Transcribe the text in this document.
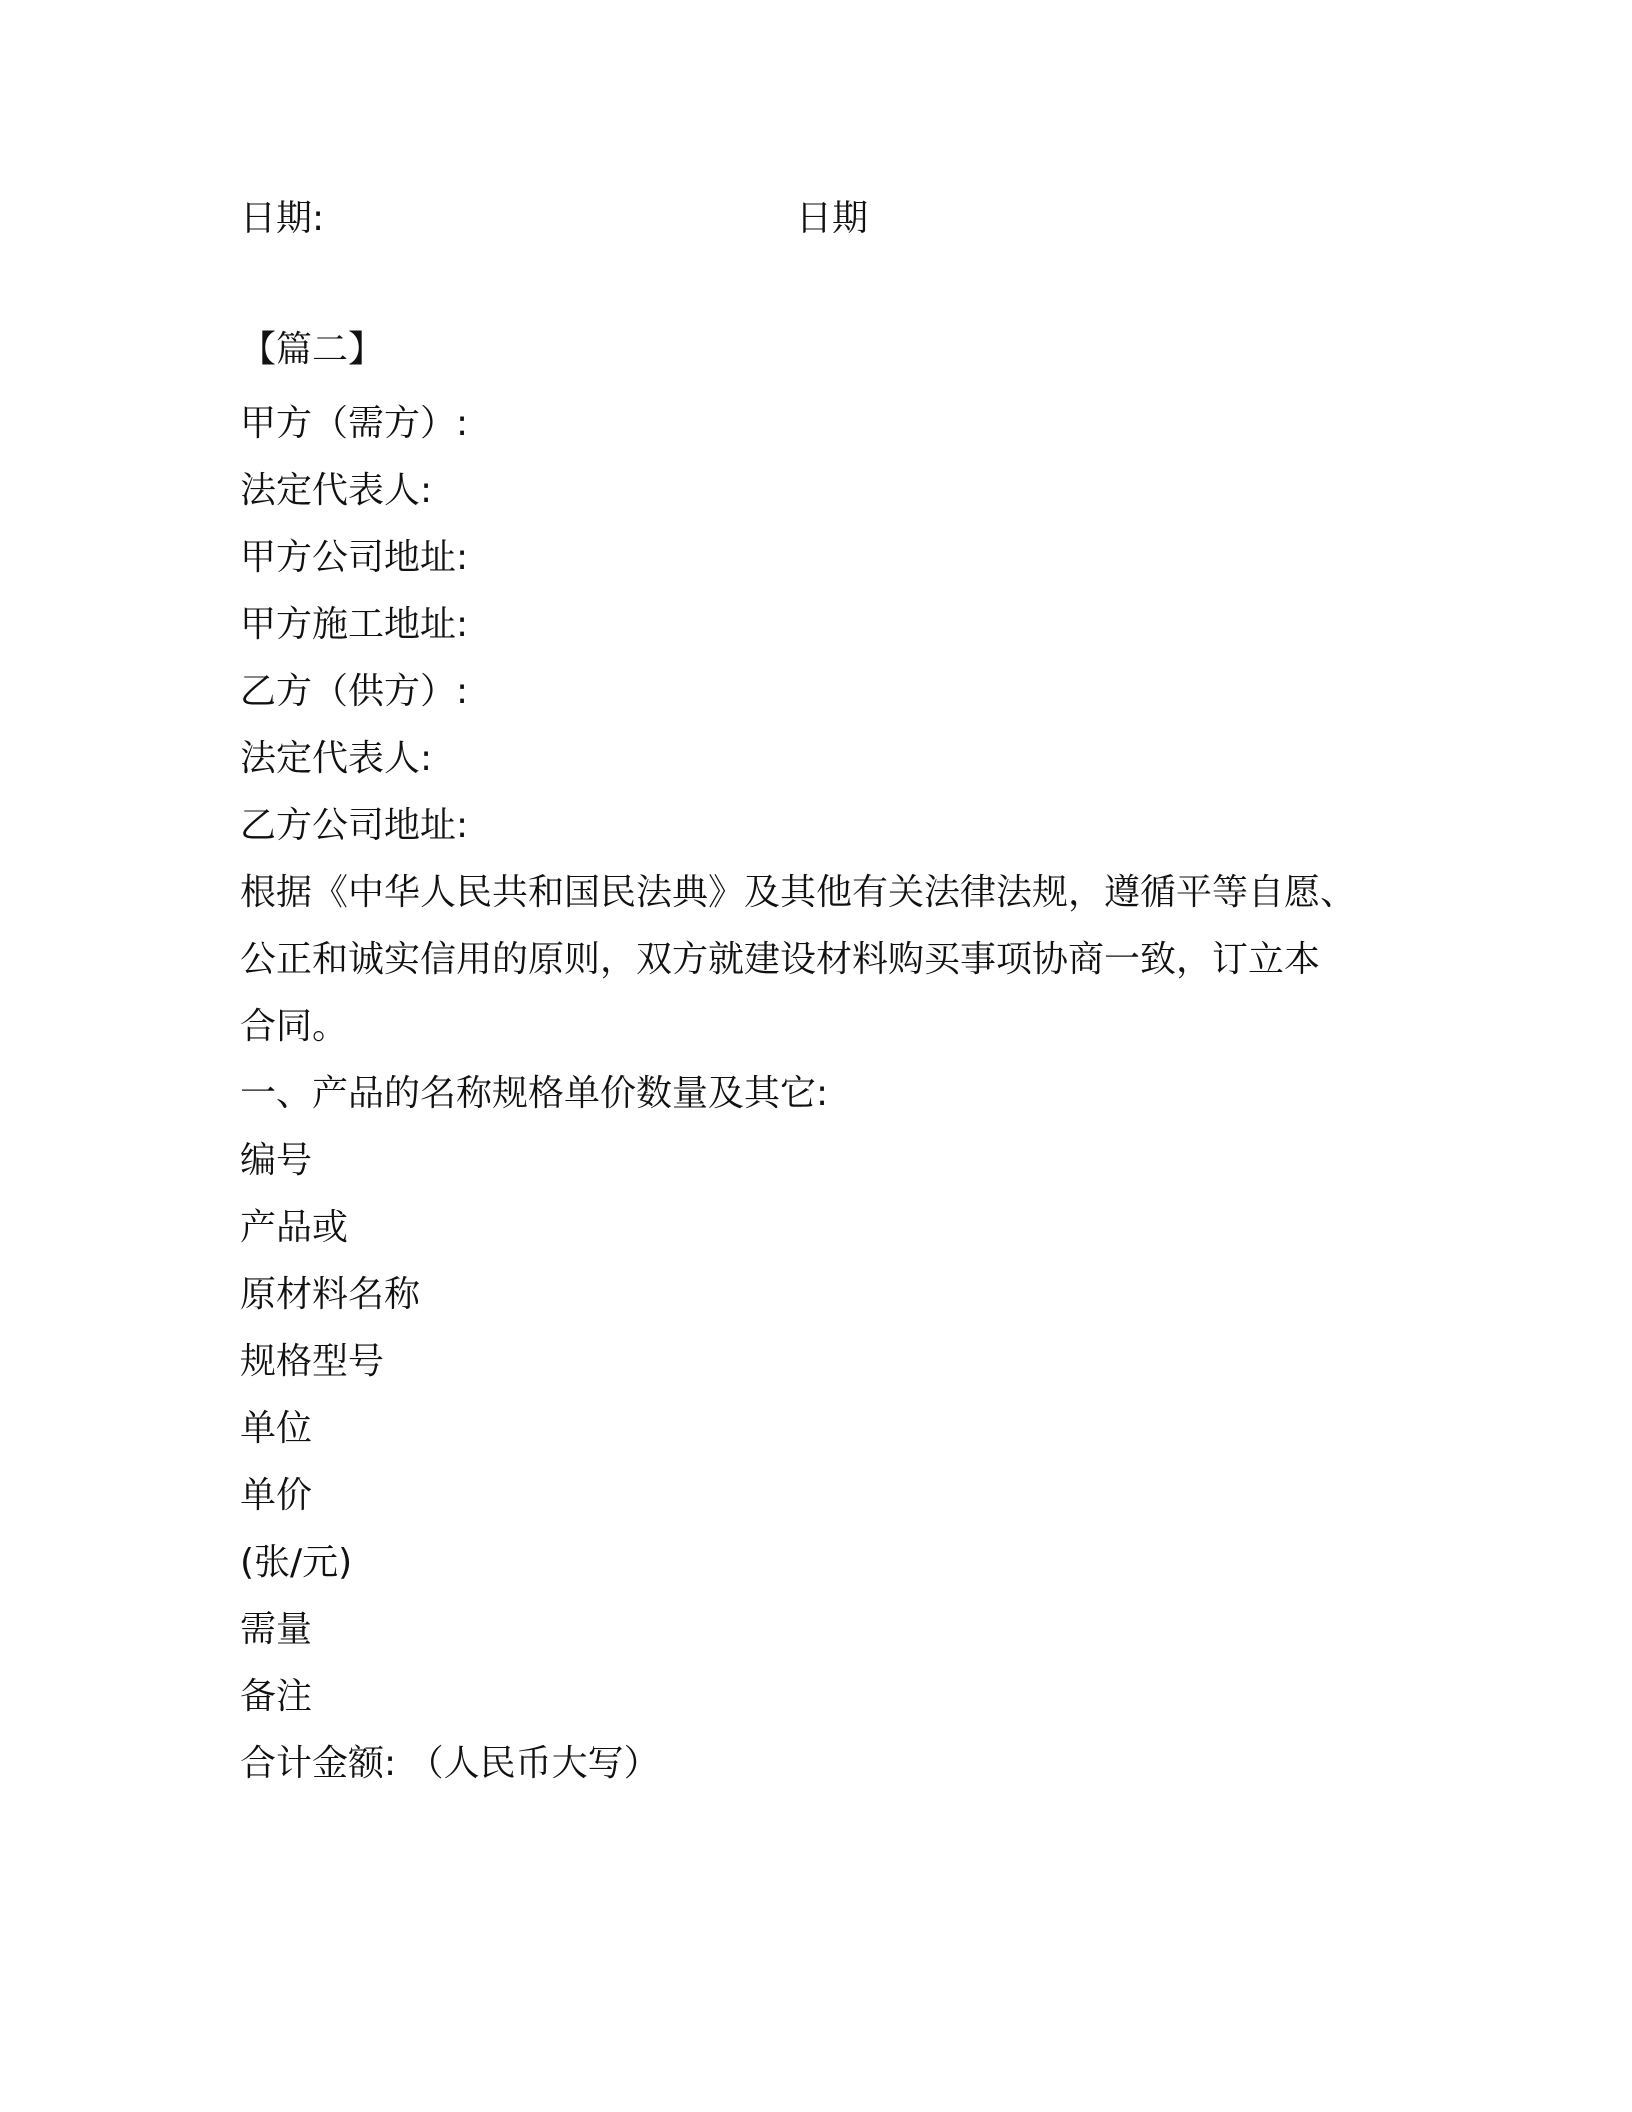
日期:	日期
【篇二】
甲方（需方）:
法定代表人:
甲方公司地址:
甲方施工地址:
乙方（供方）:
法定代表人:
乙方公司地址:
根据《中华人民共和国民法典》及其他有关法律法规，遵循平等自愿、
公正和诚实信用的原则，双方就建设材料购买事项协商一致，订立本
合同。
一、产品的名称规格单价数量及其它:
编号
产品或
原材料名称
规格型号
单位
单价
(张/元)
需量
备注
合计金额: （人民币大写）
